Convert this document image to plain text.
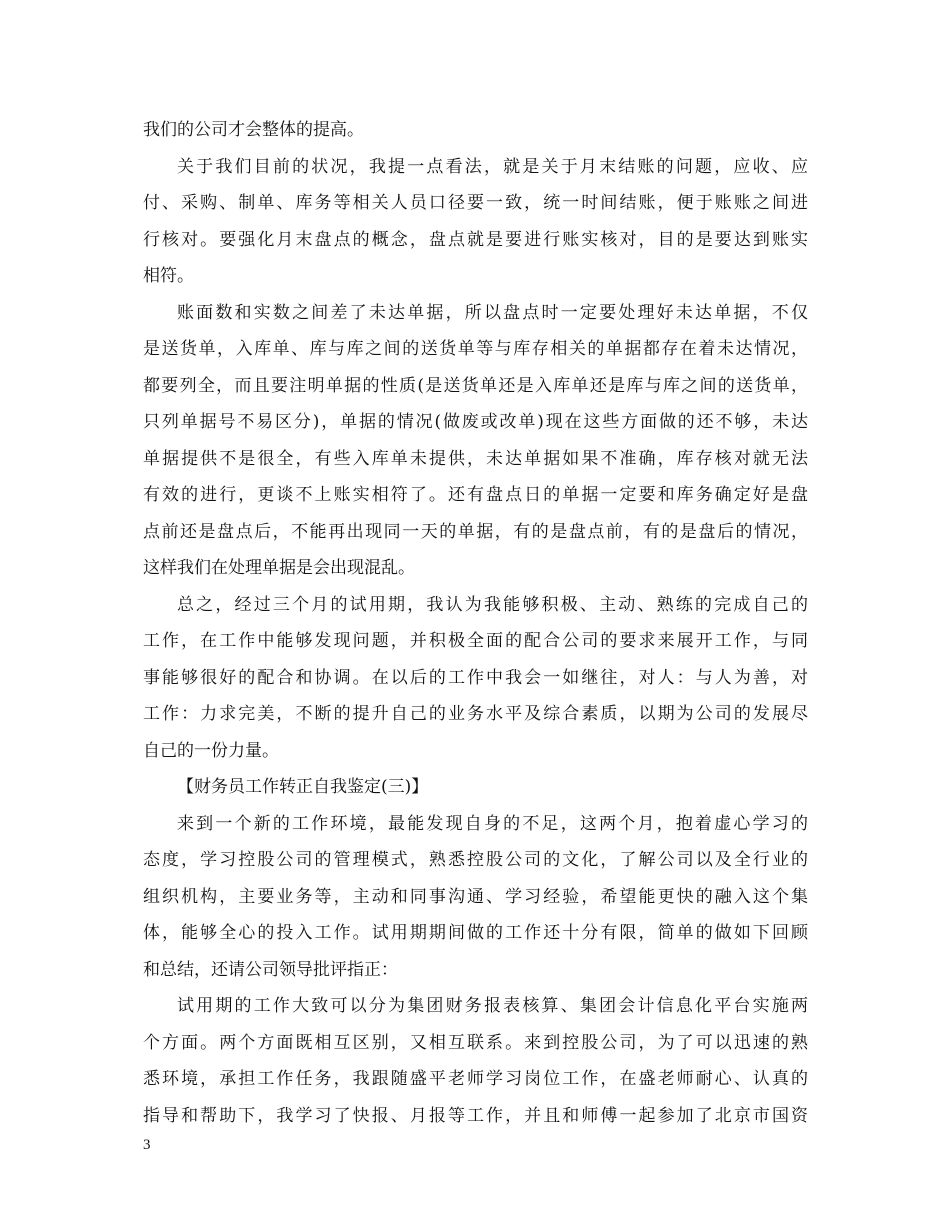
我们的公司才会整体的提高。
关于我们目前的状况，我提一点看法，就是关于月末结账的问题，应收、应
付、采购、制单、库务等相关人员口径要一致，统一时间结账，便于账账之间进
行核对。要强化月末盘点的概念，盘点就是要进行账实核对，目的是要达到账实
相符。
账面数和实数之间差了未达单据，所以盘点时一定要处理好未达单据，不仅
是送货单，入库单、库与库之间的送货单等与库存相关的单据都存在着未达情况，
都要列全，而且要注明单据的性质(是送货单还是入库单还是库与库之间的送货单，
只列单据号不易区分)，单据的情况(做废或改单)现在这些方面做的还不够，未达
单据提供不是很全，有些入库单未提供，未达单据如果不准确，库存核对就无法
有效的进行，更谈不上账实相符了。还有盘点日的单据一定要和库务确定好是盘
点前还是盘点后，不能再出现同一天的单据，有的是盘点前，有的是盘后的情况，
这样我们在处理单据是会出现混乱。
总之，经过三个月的试用期，我认为我能够积极、主动、熟练的完成自己的
工作，在工作中能够发现问题，并积极全面的配合公司的要求来展开工作，与同
事能够很好的配合和协调。在以后的工作中我会一如继往，对人：与人为善，对
工作：力求完美，不断的提升自己的业务水平及综合素质，以期为公司的发展尽
自己的一份力量。
【财务员工作转正自我鉴定(三)】
来到一个新的工作环境，最能发现自身的不足，这两个月，抱着虚心学习的
态度，学习控股公司的管理模式，熟悉控股公司的文化，了解公司以及全行业的
组织机构，主要业务等，主动和同事沟通、学习经验，希望能更快的融入这个集
体，能够全心的投入工作。试用期期间做的工作还十分有限，简单的做如下回顾
和总结，还请公司领导批评指正：
试用期的工作大致可以分为集团财务报表核算、集团会计信息化平台实施两
个方面。两个方面既相互区别，又相互联系。来到控股公司，为了可以迅速的熟
悉环境，承担工作任务，我跟随盛平老师学习岗位工作，在盛老师耐心、认真的
指导和帮助下，我学习了快报、月报等工作，并且和师傅一起参加了北京市国资
3
